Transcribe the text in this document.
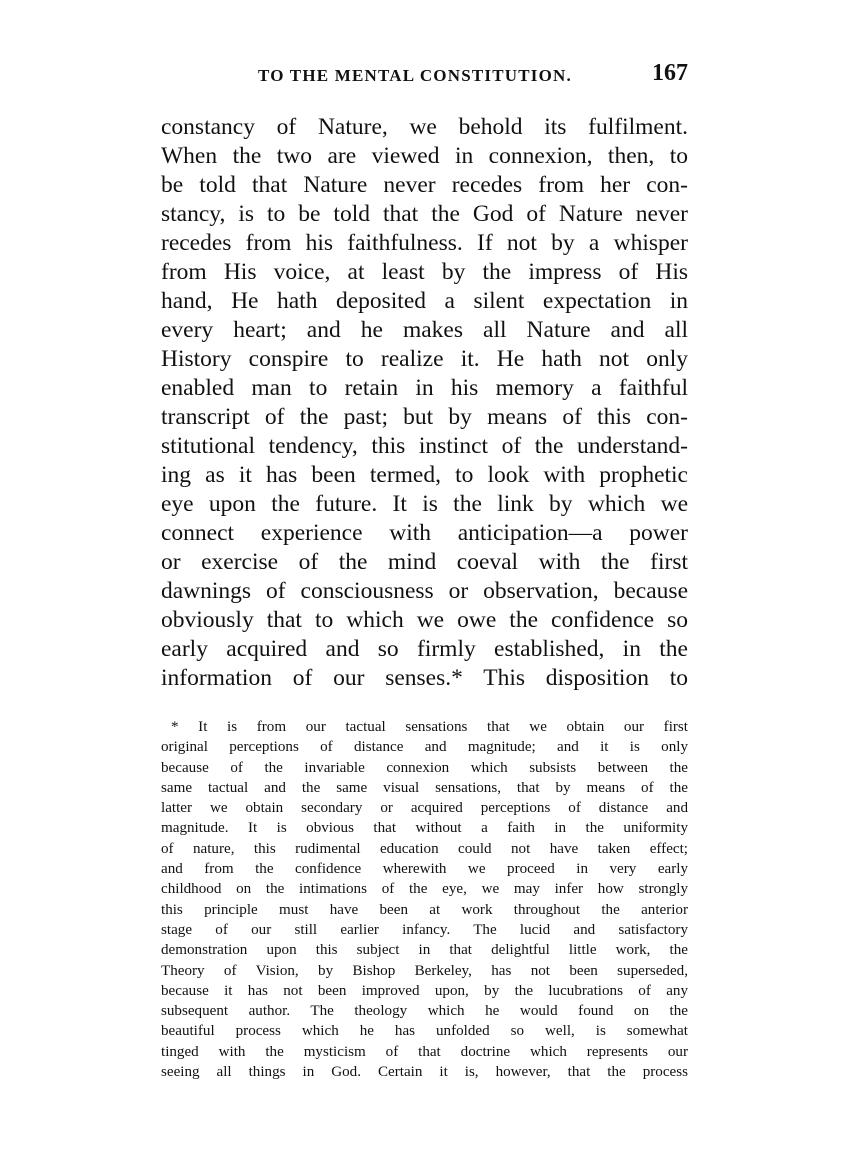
TO THE MENTAL CONSTITUTION.	167
constancy of Nature, we behold its fulfilment.
When the two are viewed in connexion, then, to
be told that Nature never recedes from her con-
stancy, is to be told that the God of Nature never
recedes from his faithfulness. If not by a whisper
from His voice, at least by the impress of His
hand, He hath deposited a silent expectation in
every heart; and he makes all Nature and all
History conspire to realize it. He hath not only
enabled man to retain in his memory a faithful
transcript of the past; but by means of this con-
stitutional tendency, this instinct of the understand-
ing as it has been termed, to look with prophetic
eye upon the future. It is the link by which we
connect experience with anticipation—a power
or exercise of the mind coeval with the first
dawnings of consciousness or observation, because
obviously that to which we owe the confidence so
early acquired and so firmly established, in the
information of our senses.* This disposition to
* It is from our tactual sensations that we obtain our first
original perceptions of distance and magnitude; and it is only
because of the invariable connexion which subsists between the
same tactual and the same visual sensations, that by means of the
latter we obtain secondary or acquired perceptions of distance and
magnitude. It is obvious that without a faith in the uniformity
of nature, this rudimental education could not have taken effect;
and from the confidence wherewith we proceed in very early
childhood on the intimations of the eye, we may infer how strongly
this principle must have been at work throughout the anterior
stage of our still earlier infancy. The lucid and satisfactory
demonstration upon this subject in that delightful little work, the
Theory of Vision, by Bishop Berkeley, has not been superseded,
because it has not been improved upon, by the lucubrations of any
subsequent author. The theology which he would found on the
beautiful process which he has unfolded so well, is somewhat
tinged with the mysticism of that doctrine which represents our
seeing all things in God. Certain it is, however, that the process
